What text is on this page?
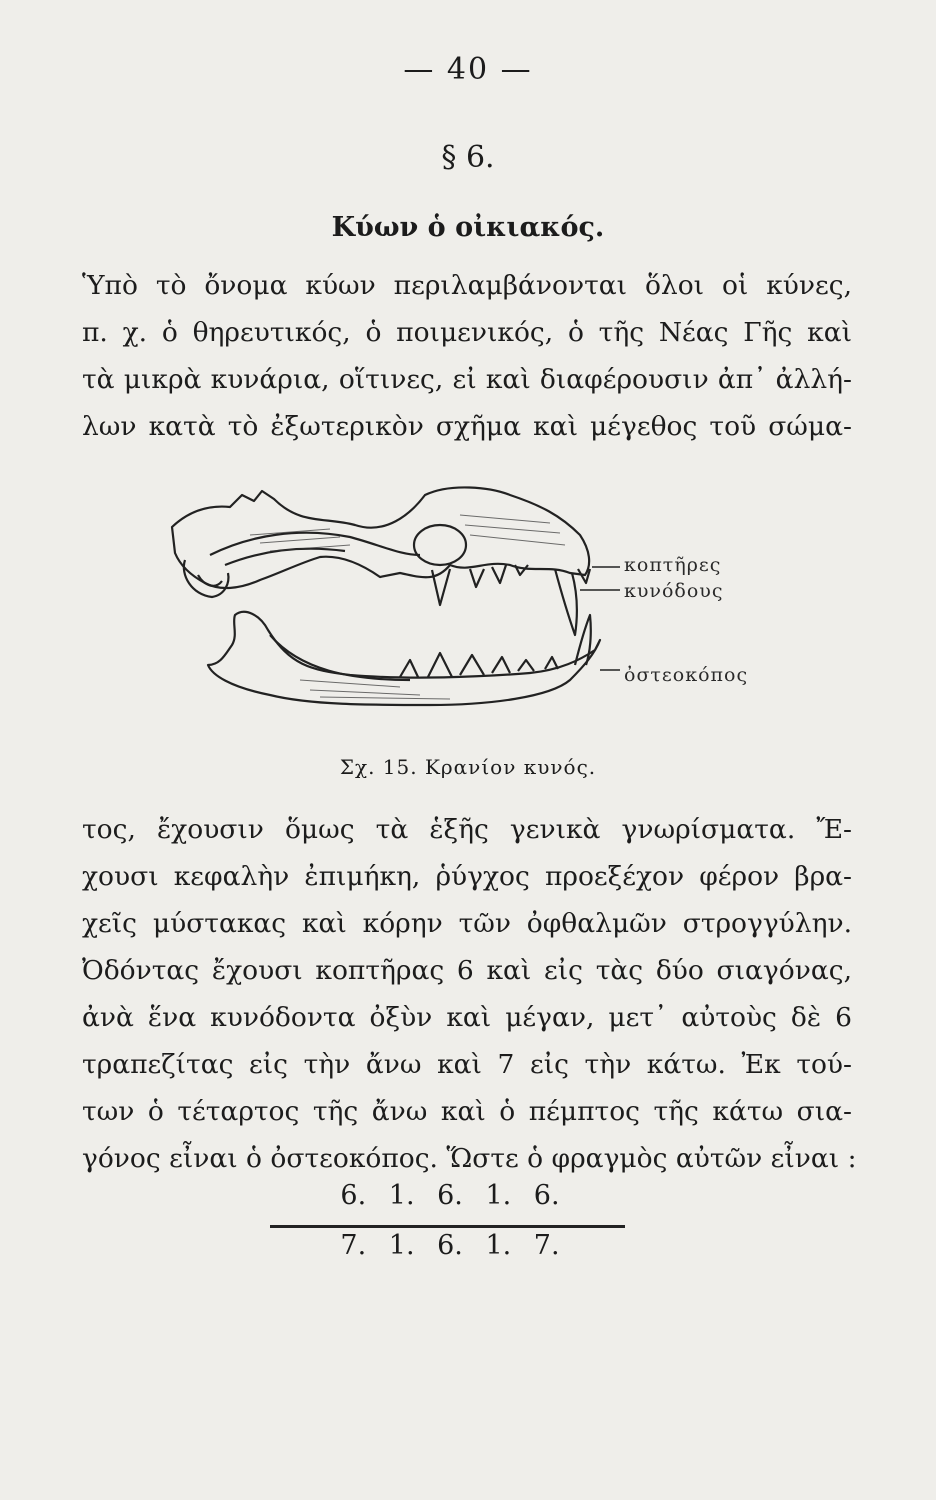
— 40 —
§ 6.
Κύων ὁ οἰκιακός.
Ὑπὸ τὸ ὄνομα κύων περιλαμβάνονται ὅλοι οἱ κύνες,
π. χ. ὁ θηρευτικός, ὁ ποιμενικός, ὁ τῆς Νέας Γῆς καὶ
τὰ μικρὰ κυνάρια, οἵτινες, εἰ καὶ διαφέρουσιν ἀπ᾽ ἀλλή-
λων κατὰ τὸ ἐξωτερικὸν σχῆμα καὶ μέγεθος τοῦ σώμα-
κοπτῆρες
κυνόδους
ὀστεοκόπος
Σχ. 15. Κρανίον κυνός.
τος, ἔχουσιν ὅμως τὰ ἑξῆς γενικὰ γνωρίσματα. Ἔ-
χουσι κεφαλὴν ἐπιμήκη, ῥύγχος προεξέχον φέρον βρα-
χεῖς μύστακας καὶ κόρην τῶν ὀφθαλμῶν στρογγύλην.
Ὀδόντας ἔχουσι κοπτῆρας 6 καὶ εἰς τὰς δύο σιαγόνας,
ἀνὰ ἕνα κυνόδοντα ὀξὺν καὶ μέγαν, μετ᾽ αὐτοὺς δὲ 6
τραπεζίτας εἰς τὴν ἄνω καὶ 7 εἰς τὴν κάτω. Ἐκ τού-
των ὁ τέταρτος τῆς ἄνω καὶ ὁ πέμπτος τῆς κάτω σια-
γόνος εἶναι ὁ ὀστεοκόπος. Ὥστε ὁ φραγμὸς αὐτῶν εἶναι :
6. 1. 6. 1. 6.
7. 1. 6. 1. 7.
